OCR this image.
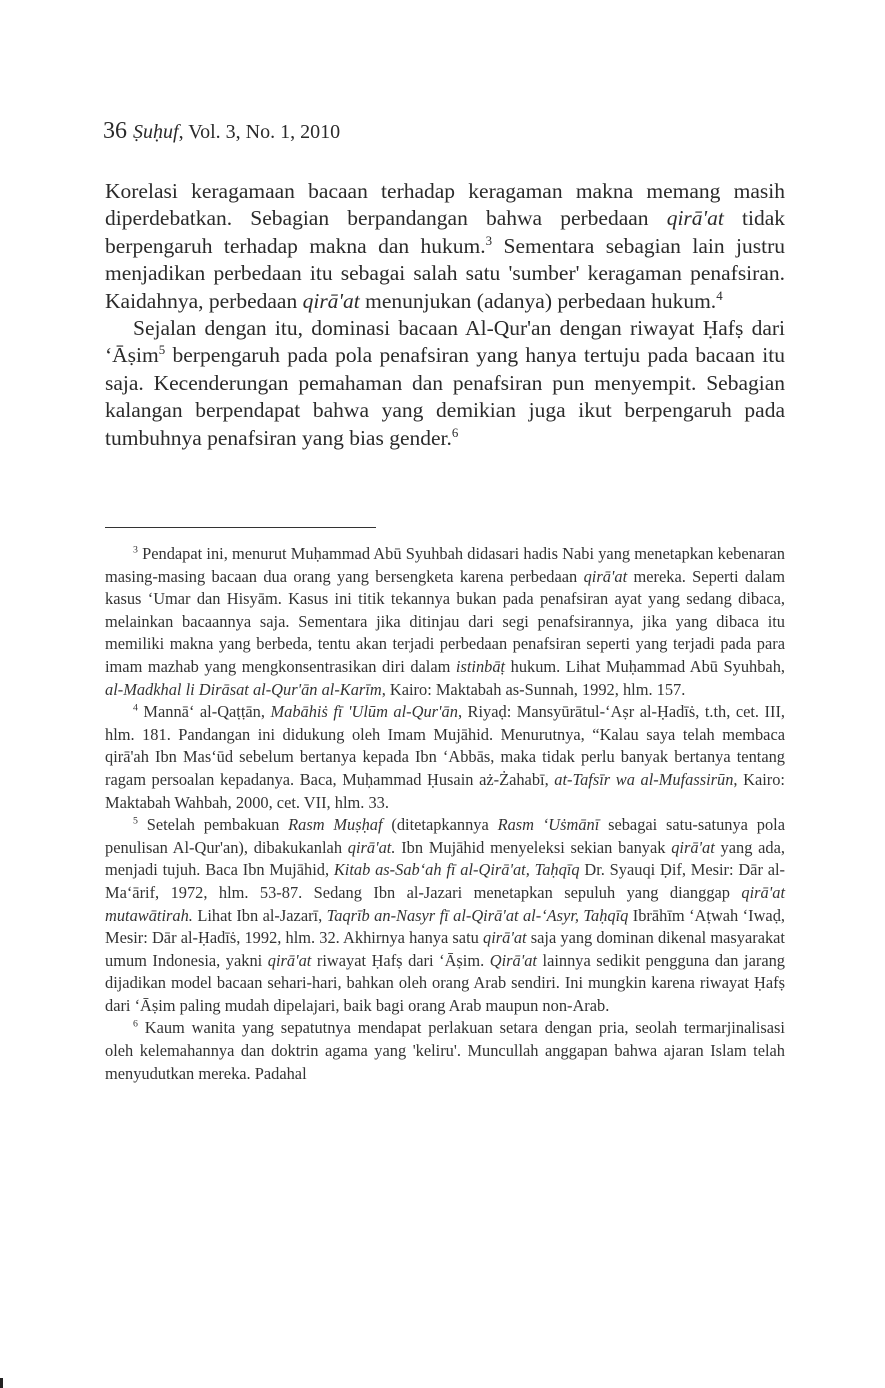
36 Ṣuḥuf, Vol. 3, No. 1, 2010

Korelasi keragamaan bacaan terhadap keragaman makna memang masih diperdebatkan. Sebagian berpandangan bahwa perbedaan qirā'at tidak berpengaruh terhadap makna dan hukum.$^3$ Sementara sebagian lain justru menjadikan perbedaan itu sebagai salah satu 'sumber' keragaman penafsiran. Kaidahnya, perbedaan qirā'at menunjukan (adanya) perbedaan hukum.$^4$

Sejalan dengan itu, dominasi bacaan Al-Qur'an dengan riwayat Ḥafṣ dari ‘Āṣim$^5$ berpengaruh pada pola penafsiran yang hanya tertuju pada bacaan itu saja. Kecenderungan pemahaman dan penafsiran pun menyempit. Sebagian kalangan berpendapat bahwa yang demikian juga ikut berpengaruh pada tumbuhnya penafsiran yang bias gender.$^6$

$^3$ Pendapat ini, menurut Muḥammad Abū Syuhbah didasari hadis Nabi yang menetapkan kebenaran masing-masing bacaan dua orang yang bersengketa karena perbedaan qirā'at mereka. Seperti dalam kasus ‘Umar dan Hisyām. Kasus ini titik tekannya bukan pada penafsiran ayat yang sedang dibaca, melainkan bacaannya saja. Sementara jika ditinjau dari segi penafsirannya, jika yang dibaca itu memiliki makna yang berbeda, tentu akan terjadi perbedaan penafsiran seperti yang terjadi pada para imam mazhab yang mengkonsentrasikan diri dalam istinbāṭ hukum. Lihat Muḥammad Abū Syuhbah, al-Madkhal li Dirāsat al-Qur'ān al-Karīm, Kairo: Maktabah as-Sunnah, 1992, hlm. 157.

$^4$ Mannā‘ al-Qaṭṭān, Mabāhiṡ fī 'Ulūm al-Qur'ān, Riyaḍ: Mansyūrātul-‘Aṣr al-Ḥadīṡ, t.th, cet. III, hlm. 181. Pandangan ini didukung oleh Imam Mujāhid. Menurutnya, “Kalau saya telah membaca qirā'ah Ibn Mas‘ūd sebelum bertanya kepada Ibn ‘Abbās, maka tidak perlu banyak bertanya tentang ragam persoalan kepadanya. Baca, Muḥammad Ḥusain aż-Żahabī, at-Tafsīr wa al-Mufassirūn, Kairo: Maktabah Wahbah, 2000, cet. VII, hlm. 33.

$^5$ Setelah pembakuan Rasm Muṣḥaf (ditetapkannya Rasm ‘Uṡmānī sebagai satu-satunya pola penulisan Al-Qur'an), dibakukanlah qirā'at. Ibn Mujāhid menyeleksi sekian banyak qirā'at yang ada, menjadi tujuh. Baca Ibn Mujāhid, Kitab as-Sab‘ah fī al-Qirā'at, Taḥqīq Dr. Syauqi Ḍif, Mesir: Dār al-Ma‘ārif, 1972, hlm. 53-87. Sedang Ibn al-Jazari menetapkan sepuluh yang dianggap qirā'at mutawātirah. Lihat Ibn al-Jazarī, Taqrīb an-Nasyr fī al-Qirā'at al-‘Asyr, Taḥqīq Ibrāhīm ‘Aṭwah ‘Iwaḍ, Mesir: Dār al-Ḥadīṡ, 1992, hlm. 32. Akhirnya hanya satu qirā'at saja yang dominan dikenal masyarakat umum Indonesia, yakni qirā'at riwayat Ḥafṣ dari ‘Āṣim. Qirā'at lainnya sedikit pengguna dan jarang dijadikan model bacaan sehari-hari, bahkan oleh orang Arab sendiri. Ini mungkin karena riwayat Ḥafṣ dari ‘Āṣim paling mudah dipelajari, baik bagi orang Arab maupun non-Arab.

$^6$ Kaum wanita yang sepatutnya mendapat perlakuan setara dengan pria, seolah termarjinalisasi oleh kelemahannya dan doktrin agama yang 'keliru'. Muncullah anggapan bahwa ajaran Islam telah menyudutkan mereka. Padahal
